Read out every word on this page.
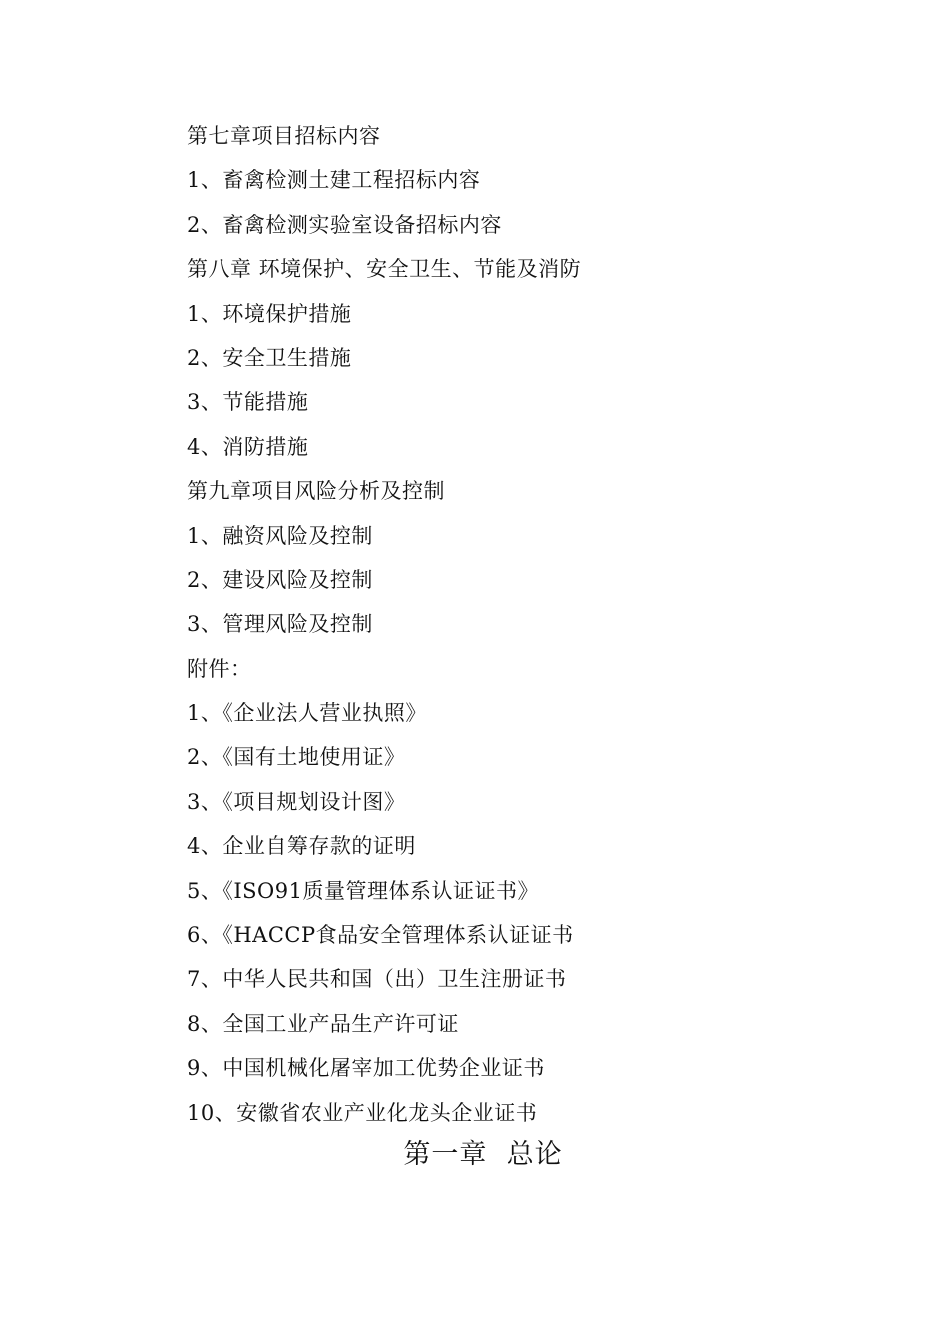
第七章项目招标内容
1、畜禽检测土建工程招标内容
2、畜禽检测实验室设备招标内容
第八章 环境保护、安全卫生、节能及消防
1、环境保护措施
2、安全卫生措施
3、节能措施
4、消防措施
第九章项目风险分析及控制
1、融资风险及控制
2、建设风险及控制
3、管理风险及控制
附件：
1、《企业法人营业执照》
2、《国有土地使用证》
3、《项目规划设计图》
4、企业自筹存款的证明
5、《ISO91质量管理体系认证证书》
6、《HACCP食品安全管理体系认证证书
7、中华人民共和国（出）卫生注册证书
8、全国工业产品生产许可证
9、中国机械化屠宰加工优势企业证书
10、安徽省农业产业化龙头企业证书
第一章  总论
